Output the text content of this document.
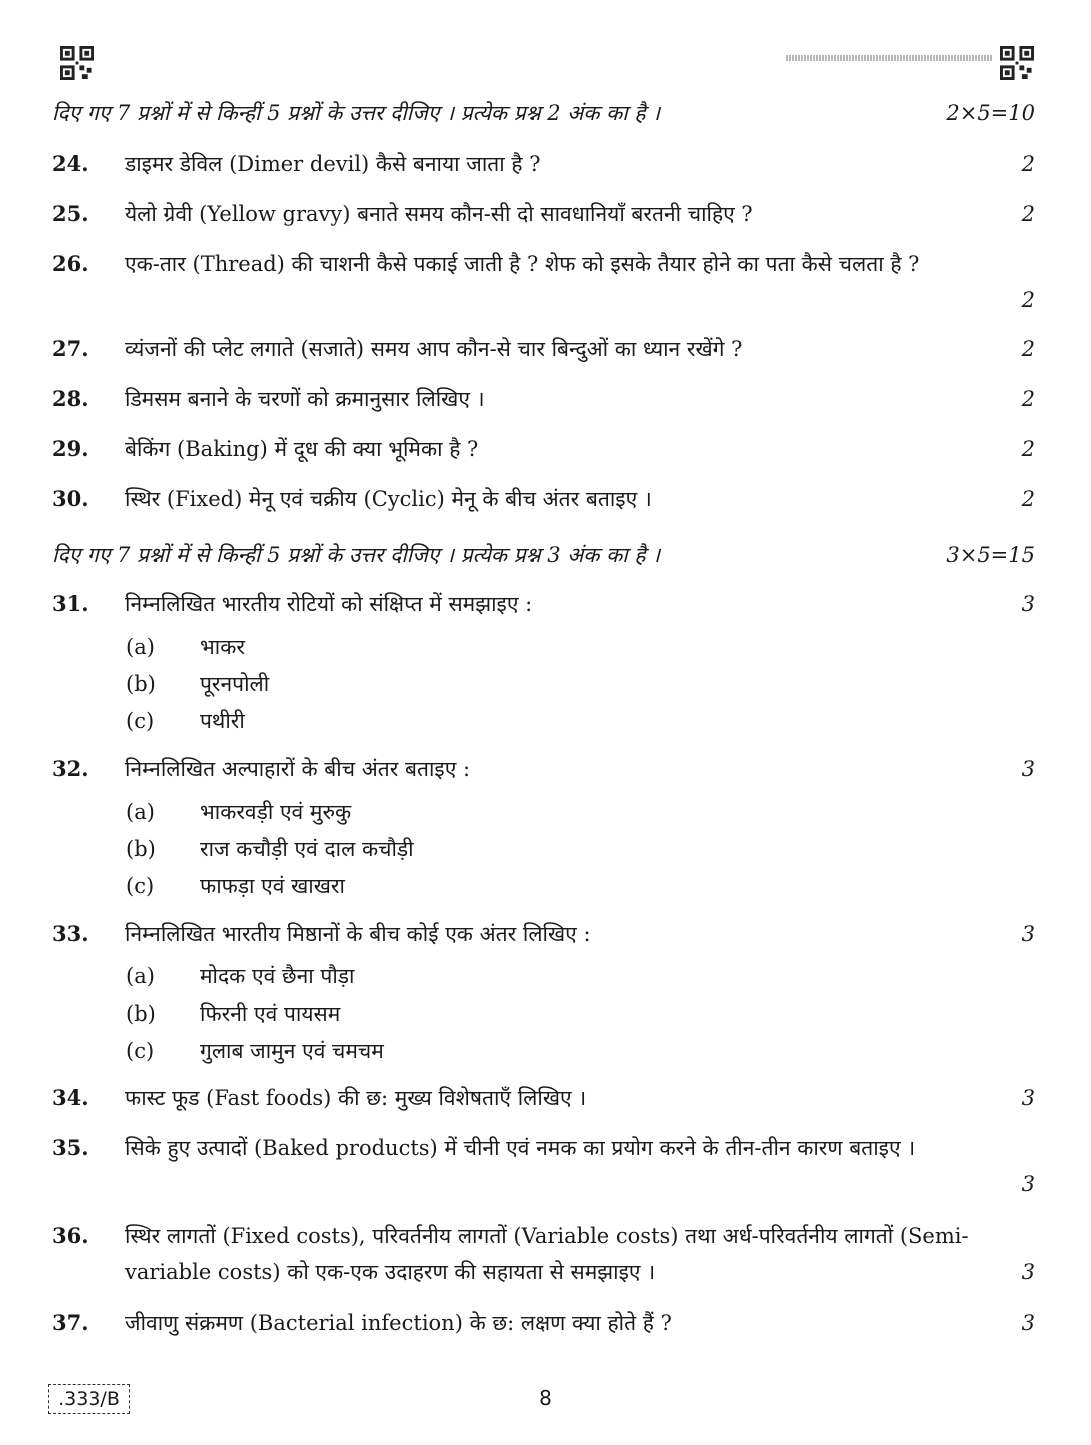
दिए गए 7 प्रश्नों में से किन्हीं 5 प्रश्नों के उत्तर दीजिए । प्रत्येक प्रश्न 2 अंक का है ।	2×5=10
24. डाइमर डेविल (Dimer devil) कैसे बनाया जाता है ?	2
25. येलो ग्रेवी (Yellow gravy) बनाते समय कौन-सी दो सावधानियाँ बरतनी चाहिए ?	2
26. एक-तार (Thread) की चाशनी कैसे पकाई जाती है ? शेफ को इसके तैयार होने का पता कैसे चलता है ?
2
27. व्यंजनों की प्लेट लगाते (सजाते) समय आप कौन-से चार बिन्दुओं का ध्यान रखेंगे ?	2
28. डिमसम बनाने के चरणों को क्रमानुसार लिखिए ।	2
29. बेकिंग (Baking) में दूध की क्या भूमिका है ?	2
30. स्थिर (Fixed) मेनू एवं चक्रीय (Cyclic) मेनू के बीच अंतर बताइए ।	2
दिए गए 7 प्रश्नों में से किन्हीं 5 प्रश्नों के उत्तर दीजिए । प्रत्येक प्रश्न 3 अंक का है ।	3×5=15
31. निम्नलिखित भारतीय रोटियों को संक्षिप्त में समझाइए :	3
(a) भाकर
(b) पूरनपोली
(c) पथीरी
32. निम्नलिखित अल्पाहारों के बीच अंतर बताइए :	3
(a) भाकरवड़ी एवं मुरुकु
(b) राज कचौड़ी एवं दाल कचौड़ी
(c) फाफड़ा एवं खाखरा
33. निम्नलिखित भारतीय मिष्ठानों के बीच कोई एक अंतर लिखिए :	3
(a) मोदक एवं छैना पौड़ा
(b) फिरनी एवं पायसम
(c) गुलाब जामुन एवं चमचम
34. फास्ट फूड (Fast foods) की छ: मुख्य विशेषताएँ लिखिए ।	3
35. सिके हुए उत्पादों (Baked products) में चीनी एवं नमक का प्रयोग करने के तीन-तीन कारण बताइए ।
3
36. स्थिर लागतों (Fixed costs), परिवर्तनीय लागतों (Variable costs) तथा अर्ध-परिवर्तनीय लागतों (Semi-variable costs) को एक-एक उदाहरण की सहायता से समझाइए ।	3
37. जीवाणु संक्रमण (Bacterial infection) के छ: लक्षण क्या होते हैं ?	3
.333/B	8
